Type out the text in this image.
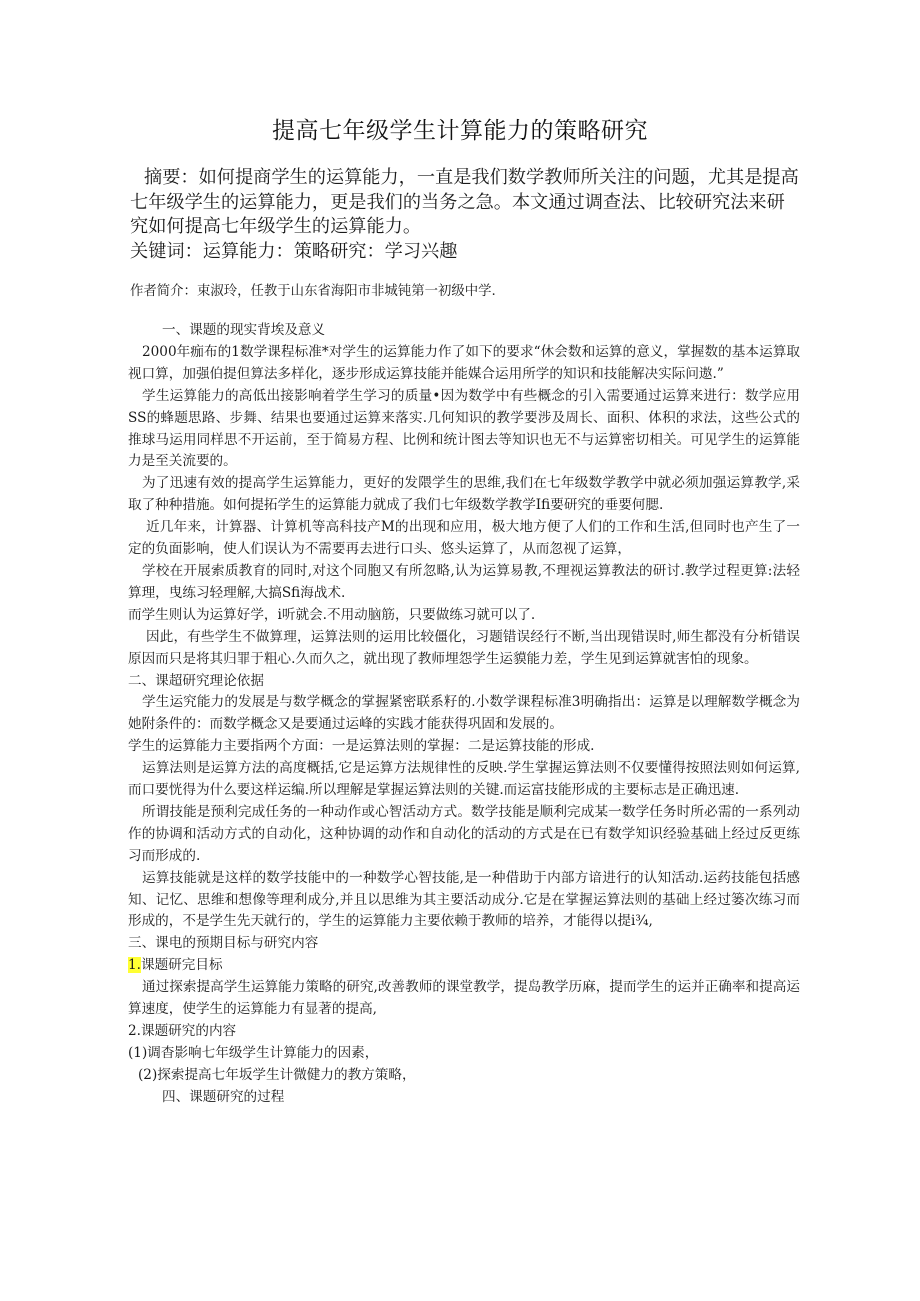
提高七年级学生计算能力的策略研究

摘要：如何提商学生的运算能力，一直是我们数学教师所关注的问题，尤其是提高七年级学生的运算能力，更是我们的当务之急。本文通过调查法、比较研究法来研究如何提高七年级学生的运算能力。

关键词：运算能力：策略研究：学习兴趣

作者简介：束淑玲，任教于山东省海阳市非城钝第一初级中学.

一、课题的现实背埃及意义

2000年痂布的1数学课程标准*对学生的运算能力作了如下的要求“休会数和运算的意义，掌握数的基本运算取视口算，加强伯提但算法多样化，逐步形成运算技能并能媒合运用所学的知识和技能解决实际问遨.”

学生运算能力的高低出接影响着学生学习的质量•因为数学中有些概念的引入需要通过运算来进行：数学应用SS的蜂题思路、步舞、结果也要通过运算来落实.几何知识的教学要涉及周长、面积、体积的求法，这些公式的推球马运用同样思不开运前，至于简易方程、比例和统计图去等知识也无不与运算密切相关。可见学生的运算能力是至关流要的。

为了迅速有效的提高学生运算能力，更好的发隈学生的思维,我们在七年级数学教学中就必须加强运算教学,采取了种种措施。如何提拓学生的运算能力就成了我们七年级数学教学Ifi要研究的垂要何腮.

近几年来，计算器、计算机等高科技产M的出现和应用，极大地方便了人们的工作和生活,但同时也产生了一定的负面影响，使人们误认为不需要再去进行口头、悠头运算了，从而忽视了运算，

学校在开展索质教育的同时,对这个同胞又有所忽略,认为运算易教,不理视运算教法的研讨.教学过程更算:法轻算理，曳练习轻理解,大搞Sfi海战术.

而学生则认为运算好学，i听就会.不用动脑筋，只要做练习就可以了.

因此，有些学生不做算理，运算法则的运用比较僵化，习题错误经行不断,当出现错误时,师生都没有分析错误原因而只是将其归罪于粗心.久而久之，就出现了教师埋怨学生运貘能力差，学生见到运算就害怕的现象。

二、课超研究理论依据

学生运究能力的发展是与数学概念的掌握紧密联系籽的.小数学课程标准3明确指出：运算是以理解数学概念为她附条件的：而数学概念又是要通过运峰的实践才能获得巩固和发展的。

学生的运算能力主要指两个方面：一是运算法则的掌握：二是运算技能的形成.

运算法则是运算方法的高度概括,它是运算方法规律性的反映.学生掌握运算法则不仅要懂得按照法则如何运算,而口要恍得为什么要这样运编.所以理解是掌握运算法则的关键.而运富技能形成的主要标志是正确迅速.

所谓技能是预利完成任务的一种动作或心智活动方式。数学技能是顺利完成某一数学任务时所必需的一系列动作的协调和活动方式的自动化，这种协调的动作和自动化的活动的方式是在已有数学知识经验基础上经过反更练习而形成的.

运算技能就是这样的数学技能中的一种数学心智技能,是一种借助于内部方谙进行的认知活动.运药技能包括感知、记忆、思维和想像等理利成分,并且以思维为其主要活动成分.它是在掌握运算法则的基础上经过篓次练习而形成的，不是学生先天就行的，学生的运算能力主要依赖于教师的培养，才能得以提i¾,

三、课电的预期目标与研究内容

1.课题研完目标

通过探索提高学生运算能力策略的研究,改善教师的课堂教学，提岛教学历麻，提而学生的运并正确率和提高运算速度，使学生的运算能力有显著的提高,

2.课题研究的内容

(1)调杳影响七年级学生计算能力的因素，

(2)探索提高七年坂学生计微健力的教方策略，

四、课题研究的过程
